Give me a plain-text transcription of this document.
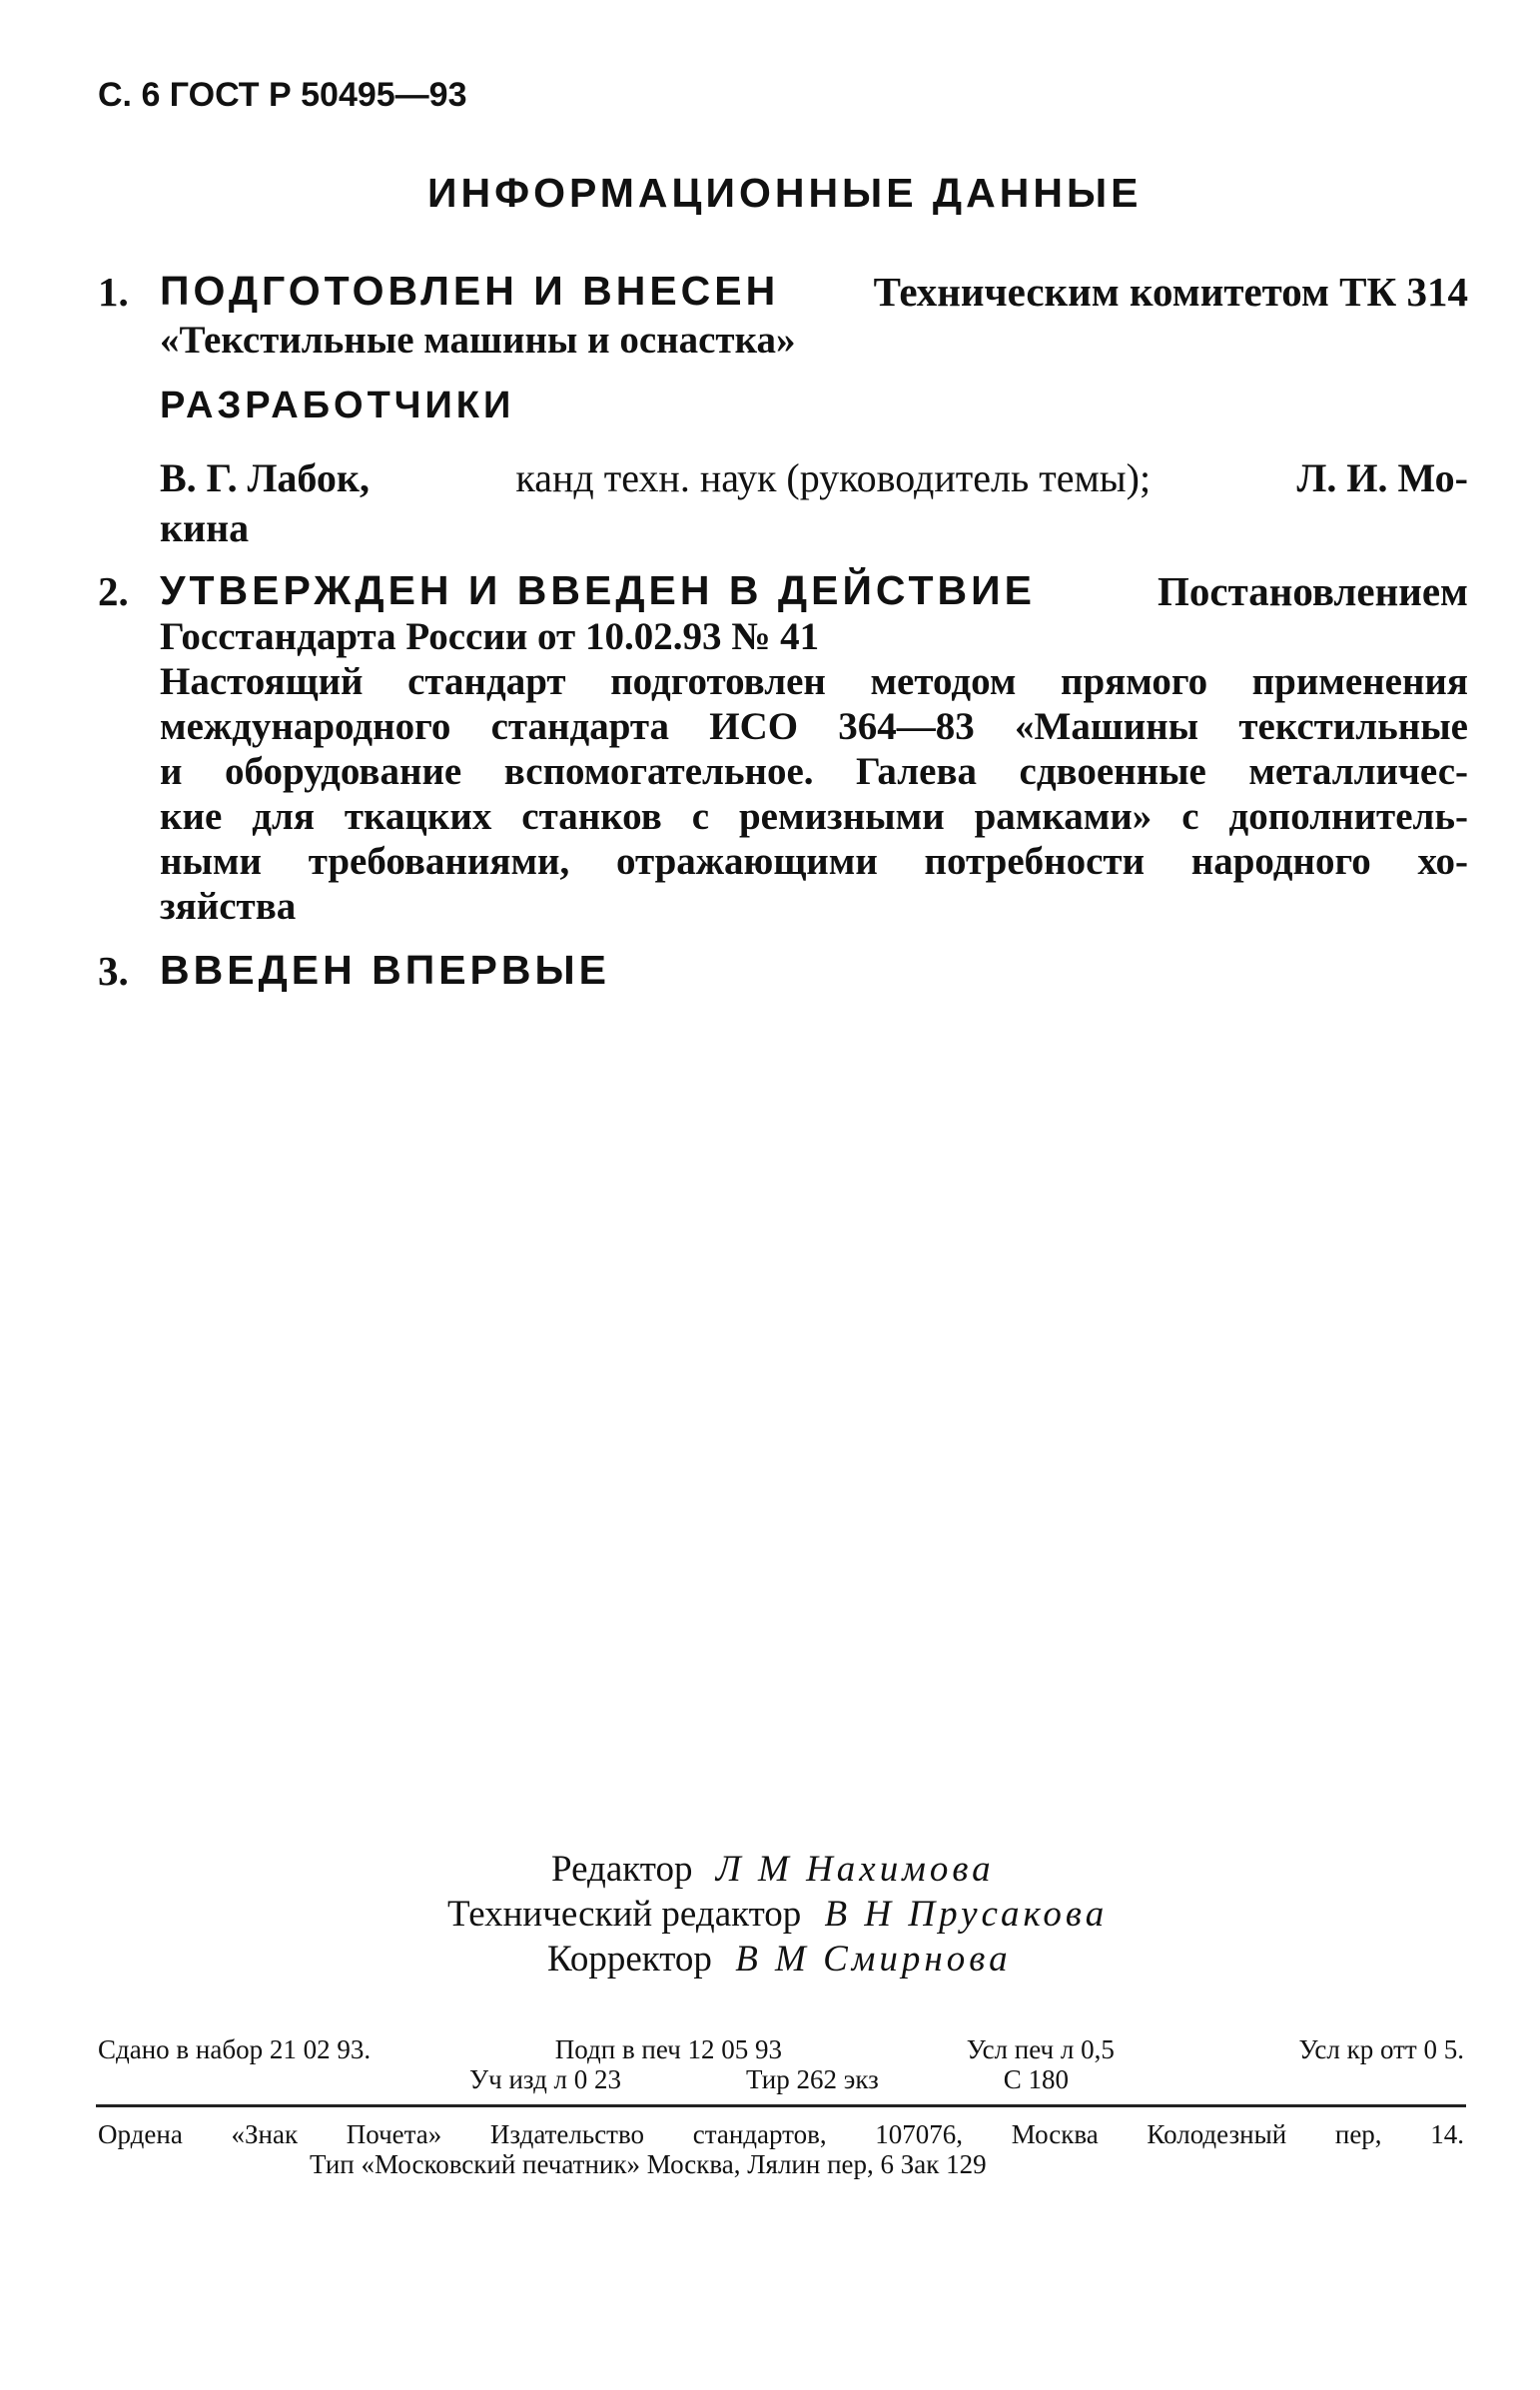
С. 6 ГОСТ Р 50495—93
ИНФОРМАЦИОННЫЕ ДАННЫЕ
1. ПОДГОТОВЛЕН И ВНЕСЕН Техническим комитетом ТК 314
«Текстильные машины и оснастка»
РАЗРАБОТЧИКИ
В. Г. Лабок,	канд техн. наук (руководитель темы);	Л. И. Мо-
кина
2. УТВЕРЖДЕН И ВВЕДЕН В ДЕЙСТВИЕ	Постановлением
Госстандарта России от 10.02.93 № 41
Настоящий стандарт подготовлен методом прямого применения
международного стандарта ИСО 364—83 «Машины текстильные
и оборудование вспомогательное. Галева сдвоенные металличес-
кие для ткацких станков с ремизными рамками» с дополнитель-
ными требованиями, отражающими потребности народного хо-
зяйства
3. ВВЕДЕН ВПЕРВЫЕ
Редактор Л М Нахимова
Технический редактор В Н Прусакова
Корректор В М Смирнова
Сдано в набор 21 02 93.	Подп в печ 12 05 93	Усл печ л 0,5	Усл кр отт 0 5.
Уч изд л 0 23	Тир 262 экз	С 180
Ордена «Знак Почета» Издательство стандартов, 107076, Москва Колодезный пер, 14.
Тип «Московский печатник» Москва, Лялин пер, 6 Зак 129
